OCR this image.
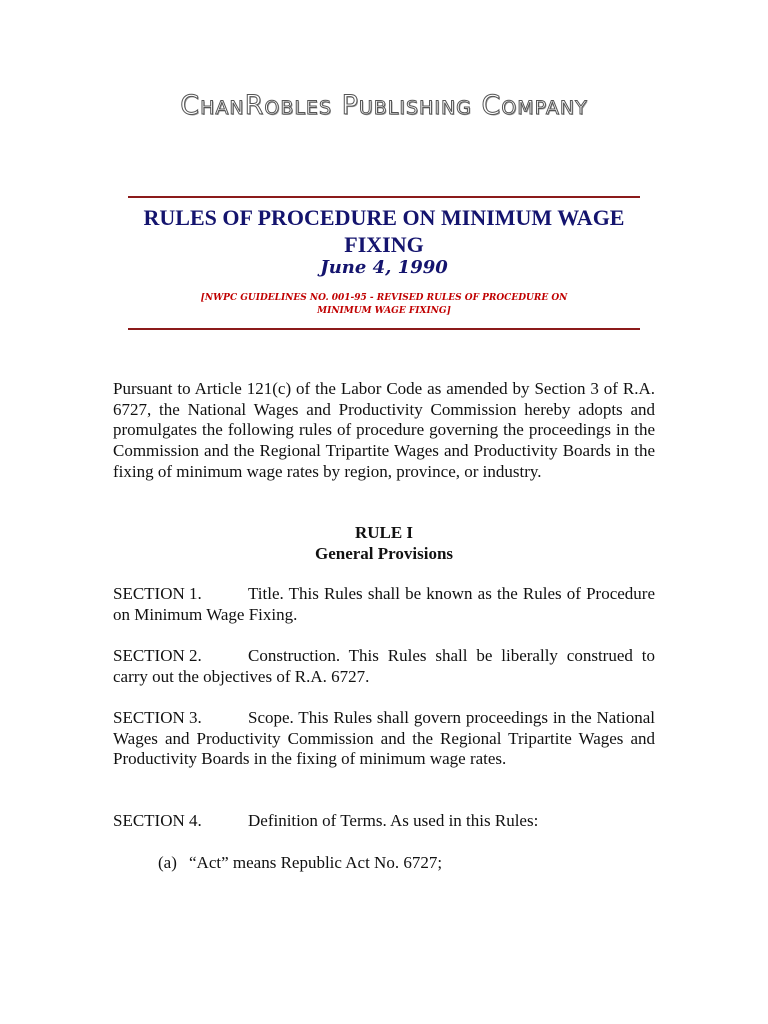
ChanRobles Publishing Company
RULES OF PROCEDURE ON MINIMUM WAGE FIXING
June 4, 1990
[NWPC GUIDELINES NO. 001-95 - REVISED RULES OF PROCEDURE ON MINIMUM WAGE FIXING]

Pursuant to Article 121(c) of the Labor Code as amended by Section 3 of R.A. 6727, the National Wages and Productivity Commission hereby adopts and promulgates the following rules of procedure governing the proceedings in the Commission and the Regional Tripartite Wages and Productivity Boards in the fixing of minimum wage rates by region, province, or industry.

RULE I
General Provisions

SECTION 1.	Title. This Rules shall be known as the Rules of Procedure on Minimum Wage Fixing.

SECTION 2.	Construction. This Rules shall be liberally construed to carry out the objectives of R.A. 6727.

SECTION 3.	Scope. This Rules shall govern proceedings in the National Wages and Productivity Commission and the Regional Tripartite Wages and Productivity Boards in the fixing of minimum wage rates.

SECTION 4.	Definition of Terms. As used in this Rules:

(a) “Act” means Republic Act No. 6727;
